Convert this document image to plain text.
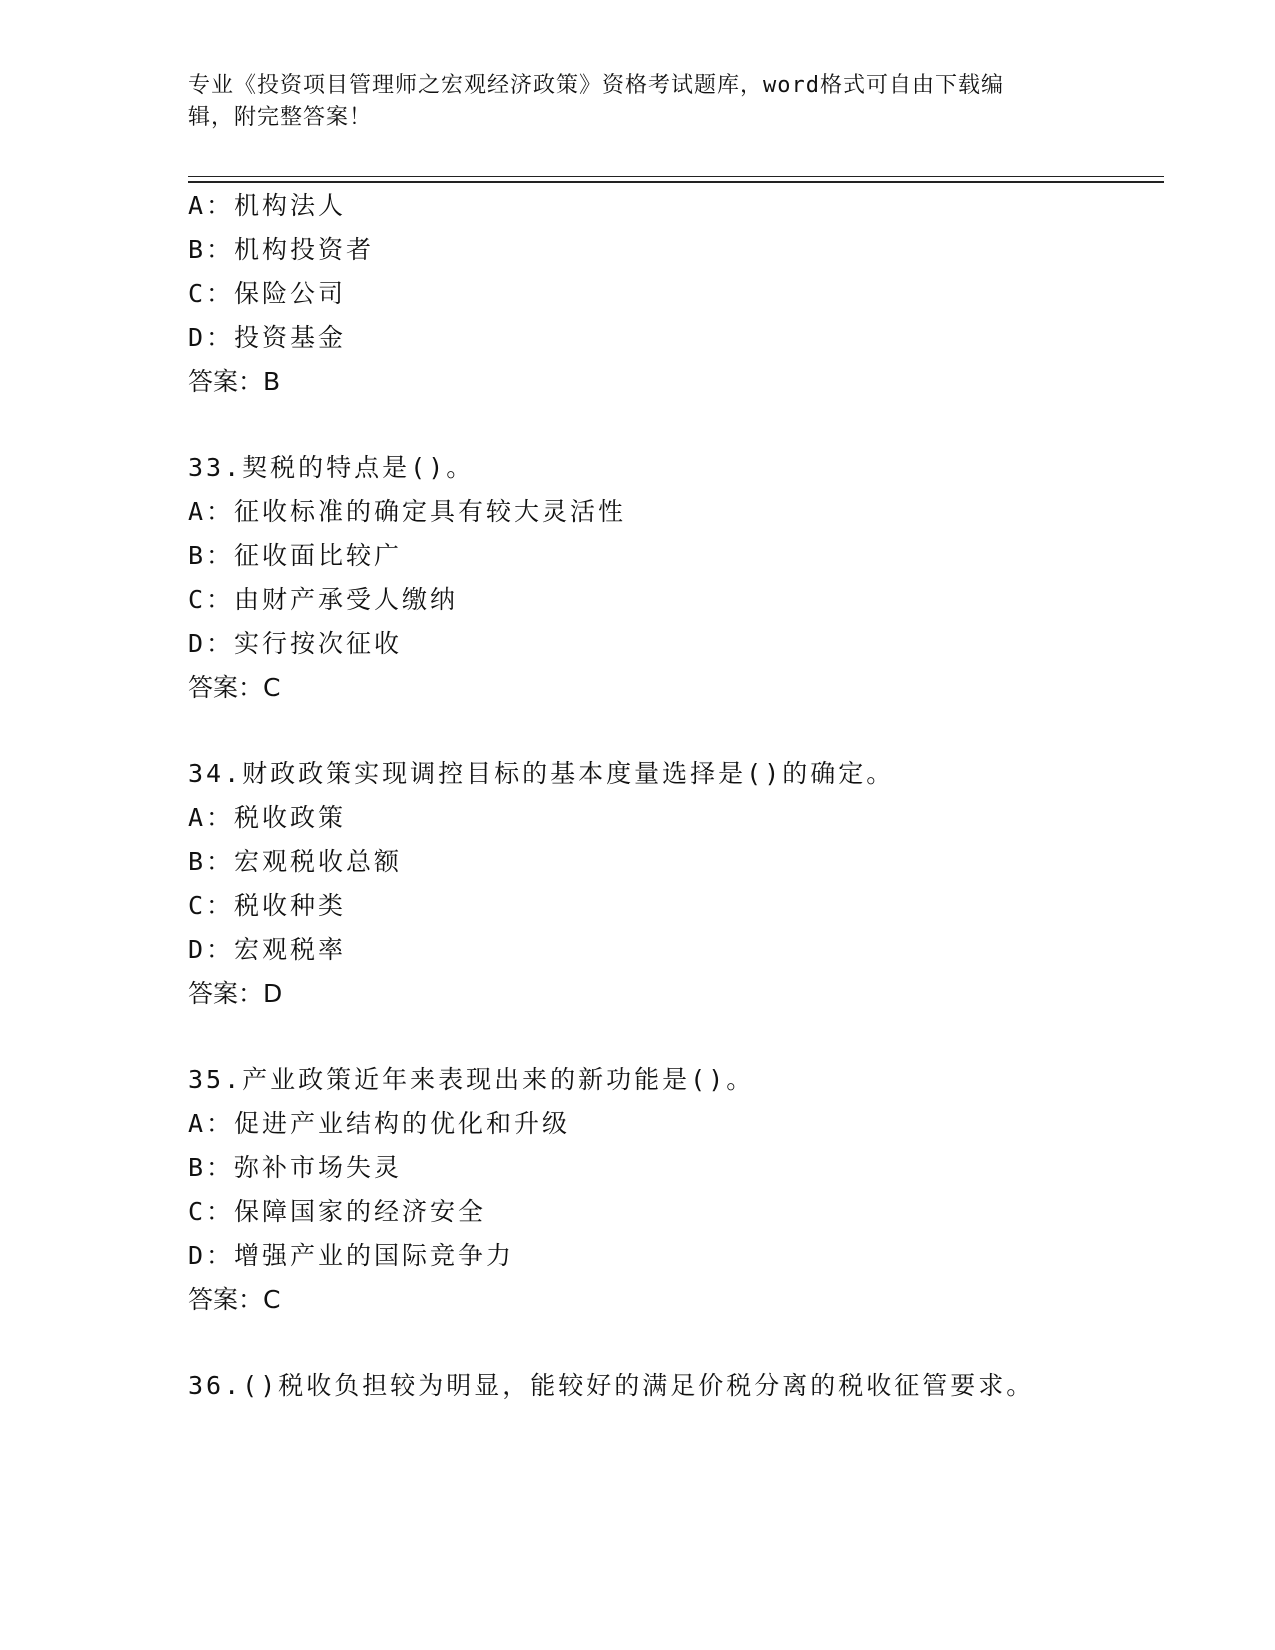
专业《投资项目管理师之宏观经济政策》资格考试题库，word格式可自由下载编
辑，附完整答案！
A：机构法人
B：机构投资者
C：保险公司
D：投资基金
答案：B
33.契税的特点是()。
A：征收标准的确定具有较大灵活性
B：征收面比较广
C：由财产承受人缴纳
D：实行按次征收
答案：C
34.财政政策实现调控目标的基本度量选择是()的确定。
A：税收政策
B：宏观税收总额
C：税收种类
D：宏观税率
答案：D
35.产业政策近年来表现出来的新功能是()。
A：促进产业结构的优化和升级
B：弥补市场失灵
C：保障国家的经济安全
D：增强产业的国际竞争力
答案：C
36.()税收负担较为明显，能较好的满足价税分离的税收征管要求。
